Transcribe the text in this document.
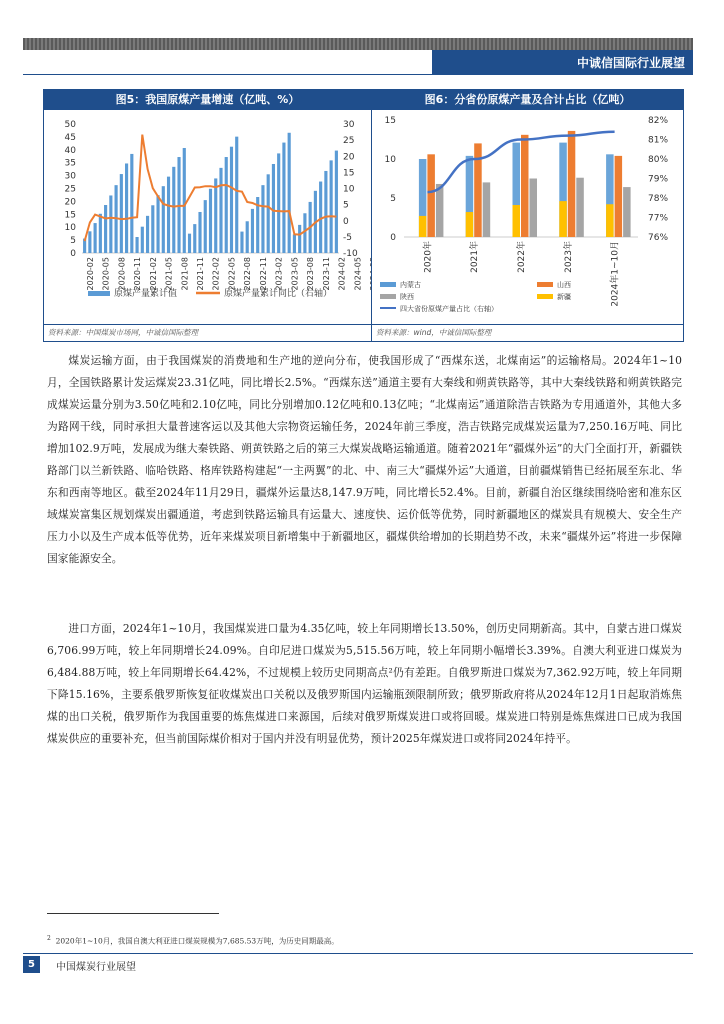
中诚信国际行业展望
图5：我国原煤产量增速（亿吨、%）
0
5
10
15
20
25
30
35
40
45
50
-10
-5
0
5
10
15
20
25
30
2020-02 2020-05 2020-08 2020-11 2021-02 2021-05 2021-08 2021-11 2022-02 2022-05 2022-08 2022-11 2023-02 2023-05 2023-08 2023-11 2024-02 2024-05
原煤产量累计值	原煤产量累计同比（右轴）
资料来源：中国煤炭市场网，中诚信国际整理
图6：分省份原煤产量及合计占比（亿吨）
0
5
10
15
76%
77%
78%
79%
80%
81%
82%
2020年	2021年	2022年	2023年	2024年1~10月
内蒙古	山西
陕西	新疆
四大省份原煤产量占比（右轴）
资料来源：wind，中诚信国际整理

煤炭运输方面，由于我国煤炭的消费地和生产地的逆向分布，使我国形成了“西煤东送，北煤南运”的运输格局。2024年1~10月，全国铁路累计发运煤炭23.31亿吨，同比增长2.5%。“西煤东送”通道主要有大秦线和朔黄铁路等，其中大秦线铁路和朔黄铁路完成煤炭运量分别为3.50亿吨和2.10亿吨，同比分别增加0.12亿吨和0.13亿吨；“北煤南运”通道除浩吉铁路为专用通道外，其他大多为路网干线，同时承担大量普速客运以及其他大宗物资运输任务，2024年前三季度，浩吉铁路完成煤炭运量为7,250.16万吨、同比增加102.9万吨，发展成为继大秦铁路、朔黄铁路之后的第三大煤炭战略运输通道。随着2021年“疆煤外运”的大门全面打开，新疆铁路部门以兰新铁路、临哈铁路、格库铁路构建起“一主两翼”的北、中、南三大“疆煤外运”大通道，目前疆煤销售已经拓展至东北、华东和西南等地区。截至2024年11月29日，疆煤外运量达8,147.9万吨，同比增长52.4%。目前，新疆自治区继续围绕哈密和准东区域煤炭富集区规划煤炭出疆通道，考虑到铁路运输具有运量大、速度快、运价低等优势，同时新疆地区的煤炭具有规模大、安全生产压力小以及生产成本低等优势，近年来煤炭项目新增集中于新疆地区，疆煤供给增加的长期趋势不改，未来“疆煤外运”将进一步保障国家能源安全。

进口方面，2024年1~10月，我国煤炭进口量为4.35亿吨，较上年同期增长13.50%，创历史同期新高。其中，自蒙古进口煤炭6,706.99万吨，较上年同期增长24.09%。自印尼进口煤炭为5,515.56万吨，较上年同期小幅增长3.39%。自澳大利亚进口煤炭为6,484.88万吨，较上年同期增长64.42%，不过规模上较历史同期高点²仍有差距。自俄罗斯进口煤炭为7,362.92万吨，较上年同期下降15.16%，主要系俄罗斯恢复征收煤炭出口关税以及俄罗斯国内运输瓶颈限制所致；俄罗斯政府将从2024年12月1日起取消炼焦煤的出口关税，俄罗斯作为我国重要的炼焦煤进口来源国，后续对俄罗斯煤炭进口或将回暖。煤炭进口特别是炼焦煤进口已成为我国煤炭供应的重要补充，但当前国际煤价相对于国内并没有明显优势，预计2025年煤炭进口或将同2024年持平。

$^2$ 2020年1~10月，我国自澳大利亚进口煤炭规模为7,685.53万吨，为历史同期最高。
5	中国煤炭行业展望
